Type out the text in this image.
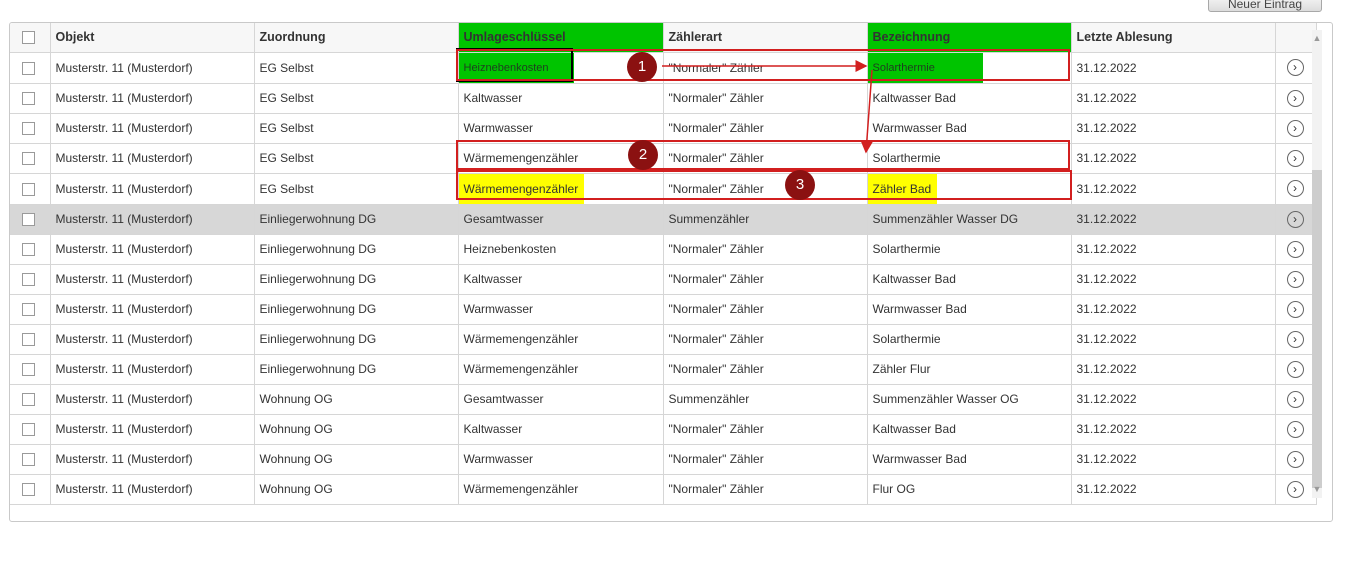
Neuer Eintrag
	Objekt	Zuordnung	Umlageschlüssel	Zählerart	Bezeichnung	Letzte Ablesung	
	Musterstr. 11 (Musterdorf)	EG Selbst	Heiznebenkosten	"Normaler" Zähler	Solarthermie	31.12.2022	›
	Musterstr. 11 (Musterdorf)	EG Selbst	Kaltwasser	"Normaler" Zähler	Kaltwasser Bad	31.12.2022	›
	Musterstr. 11 (Musterdorf)	EG Selbst	Warmwasser	"Normaler" Zähler	Warmwasser Bad	31.12.2022	›
	Musterstr. 11 (Musterdorf)	EG Selbst	Wärmemengenzähler	"Normaler" Zähler	Solarthermie	31.12.2022	›
	Musterstr. 11 (Musterdorf)	EG Selbst	Wärmemengenzähler	"Normaler" Zähler	Zähler Bad	31.12.2022	›
	Musterstr. 11 (Musterdorf)	Einliegerwohnung DG	Gesamtwasser	Summenzähler	Summenzähler Wasser DG	31.12.2022	›
	Musterstr. 11 (Musterdorf)	Einliegerwohnung DG	Heiznebenkosten	"Normaler" Zähler	Solarthermie	31.12.2022	›
	Musterstr. 11 (Musterdorf)	Einliegerwohnung DG	Kaltwasser	"Normaler" Zähler	Kaltwasser Bad	31.12.2022	›
	Musterstr. 11 (Musterdorf)	Einliegerwohnung DG	Warmwasser	"Normaler" Zähler	Warmwasser Bad	31.12.2022	›
	Musterstr. 11 (Musterdorf)	Einliegerwohnung DG	Wärmemengenzähler	"Normaler" Zähler	Solarthermie	31.12.2022	›
	Musterstr. 11 (Musterdorf)	Einliegerwohnung DG	Wärmemengenzähler	"Normaler" Zähler	Zähler Flur	31.12.2022	›
	Musterstr. 11 (Musterdorf)	Wohnung OG	Gesamtwasser	Summenzähler	Summenzähler Wasser OG	31.12.2022	›
	Musterstr. 11 (Musterdorf)	Wohnung OG	Kaltwasser	"Normaler" Zähler	Kaltwasser Bad	31.12.2022	›
	Musterstr. 11 (Musterdorf)	Wohnung OG	Warmwasser	"Normaler" Zähler	Warmwasser Bad	31.12.2022	›
	Musterstr. 11 (Musterdorf)	Wohnung OG	Wärmemengenzähler	"Normaler" Zähler	Flur OG	31.12.2022	›
▲
▼
1
2
3
